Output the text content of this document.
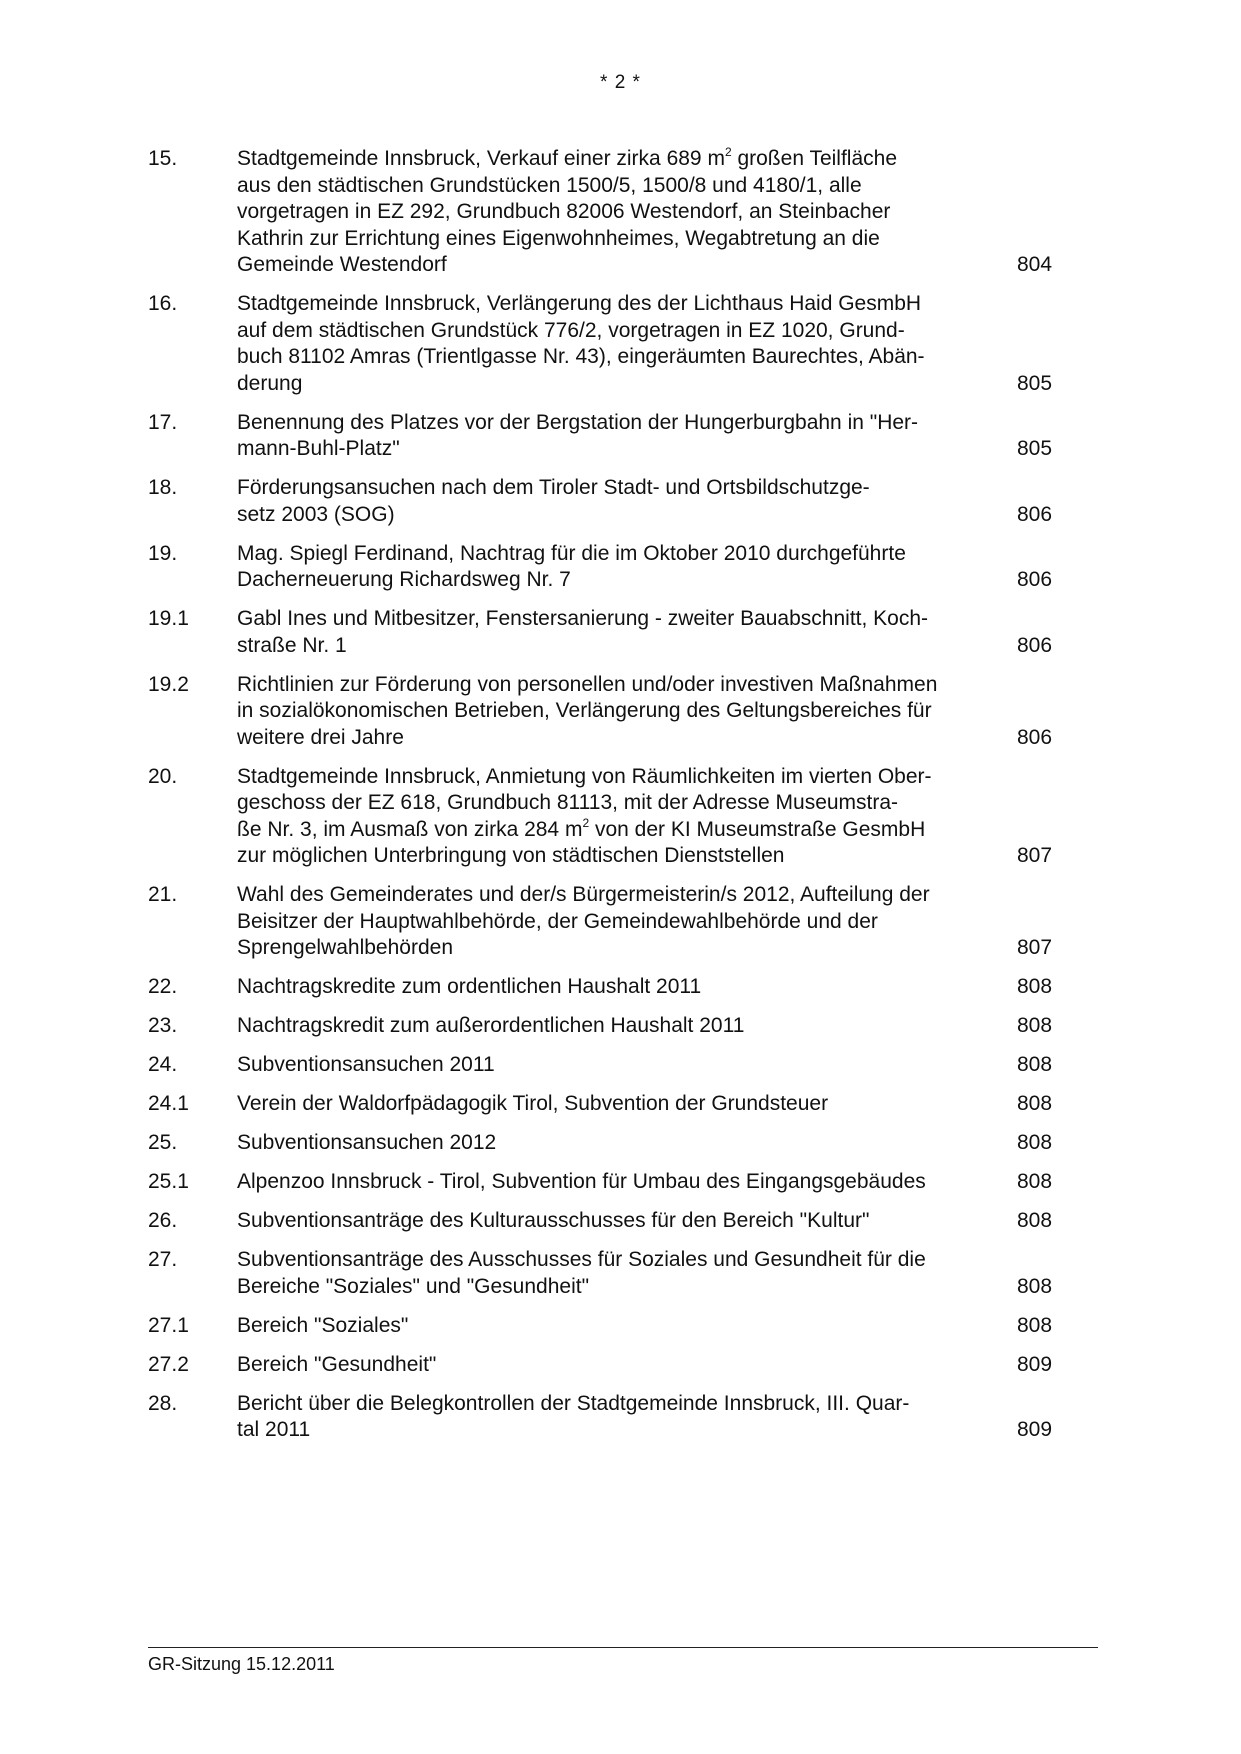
* 2 *
15.	Stadtgemeinde Innsbruck, Verkauf einer zirka 689 $m^2$ großen Teilfläche
aus den städtischen Grundstücken 1500/5, 1500/8 und 4180/1, alle
vorgetragen in EZ 292, Grundbuch 82006 Westendorf, an Steinbacher
Kathrin zur Errichtung eines Eigenwohnheimes, Wegabtretung an die
Gemeinde Westendorf	804
16.	Stadtgemeinde Innsbruck, Verlängerung des der Lichthaus Haid GesmbH
auf dem städtischen Grundstück 776/2, vorgetragen in EZ 1020, Grund-
buch 81102 Amras (Trientlgasse Nr. 43), eingeräumten Baurechtes, Abän-
derung	805
17.	Benennung des Platzes vor der Bergstation der Hungerburgbahn in "Her-
mann-Buhl-Platz"	805
18.	Förderungsansuchen nach dem Tiroler Stadt- und Ortsbildschutzge-
setz 2003 (SOG)	806
19.	Mag. Spiegl Ferdinand, Nachtrag für die im Oktober 2010 durchgeführte
Dacherneuerung Richardsweg Nr. 7	806
19.1	Gabl Ines und Mitbesitzer, Fenstersanierung - zweiter Bauabschnitt, Koch-
straße Nr. 1	806
19.2	Richtlinien zur Förderung von personellen und/oder investiven Maßnahmen
in sozialökonomischen Betrieben, Verlängerung des Geltungsbereiches für
weitere drei Jahre	806
20.	Stadtgemeinde Innsbruck, Anmietung von Räumlichkeiten im vierten Ober-
geschoss der EZ 618, Grundbuch 81113, mit der Adresse Museumstra-
ße Nr. 3, im Ausmaß von zirka 284 $m^2$ von der KI Museumstraße GesmbH
zur möglichen Unterbringung von städtischen Dienststellen	807
21.	Wahl des Gemeinderates und der/s Bürgermeisterin/s 2012, Aufteilung der
Beisitzer der Hauptwahlbehörde, der Gemeindewahlbehörde und der
Sprengelwahlbehörden	807
22.	Nachtragskredite zum ordentlichen Haushalt 2011	808
23.	Nachtragskredit zum außerordentlichen Haushalt 2011	808
24.	Subventionsansuchen 2011	808
24.1	Verein der Waldorfpädagogik Tirol, Subvention der Grundsteuer	808
25.	Subventionsansuchen 2012	808
25.1	Alpenzoo Innsbruck - Tirol, Subvention für Umbau des Eingangsgebäudes	808
26.	Subventionsanträge des Kulturausschusses für den Bereich "Kultur"	808
27.	Subventionsanträge des Ausschusses für Soziales und Gesundheit für die
Bereiche "Soziales" und "Gesundheit"	808
27.1	Bereich "Soziales"	808
27.2	Bereich "Gesundheit"	809
28.	Bericht über die Belegkontrollen der Stadtgemeinde Innsbruck, III. Quar-
tal 2011	809
GR-Sitzung 15.12.2011
